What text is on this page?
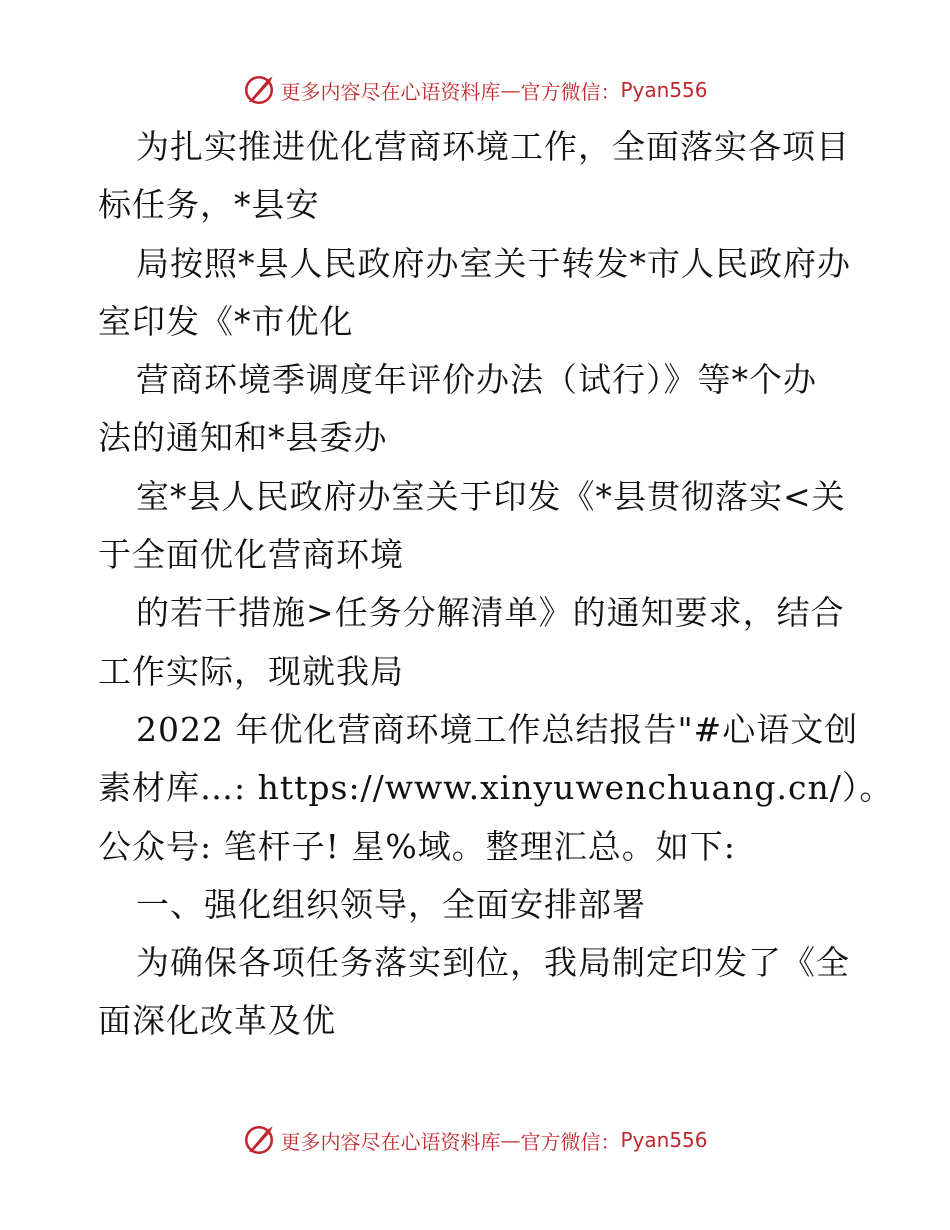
更多内容尽在心语资料库 — 官方微信： Pyan556
为扎实推进优化营商环境工作，全面落实各项目
标任务，*县安
局按照*县人民政府办室关于转发*市人民政府办
室印发《*市优化
营商环境季调度年评价办法（试行）》等*个办
法的通知和*县委办
室*县人民政府办室关于印发《*县贯彻落实<关
于全面优化营商环境
的若干措施>任务分解清单》的通知要求，结合
工作实际，现就我局
2022 年优化营商环境工作总结报告"#心语文创
素材库…: https://www.xinyuwenchuang.cn/）。
公众号: 笔杆子! 星%域。整理汇总。如下:
一、强化组织领导，全面安排部署
为确保各项任务落实到位，我局制定印发了《全
面深化改革及优
更多内容尽在心语资料库 — 官方微信： Pyan556
